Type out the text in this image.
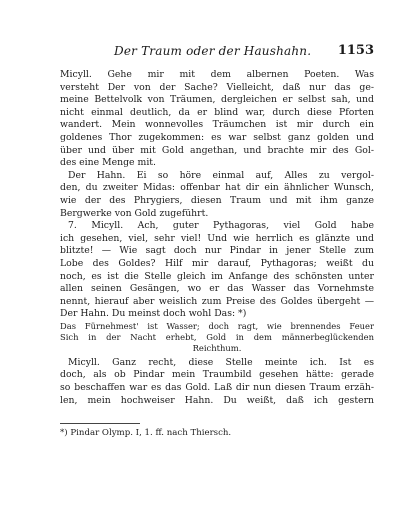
Der Traum oder der Haushahn. 1153
Micyll. Gehe mir mit dem albernen Poeten. Was
versteht Der von der Sache? Vielleicht, daß nur das ge-
meine Bettelvolk von Träumen, dergleichen er selbst sah, und
nicht einmal deutlich, da er blind war, durch diese Pforten
wandert. Mein wonnevolles Träumchen ist mir durch ein
goldenes Thor zugekommen: es war selbst ganz golden und
über und über mit Gold angethan, und brachte mir des Gol-
des eine Menge mit.
Der Hahn. Ei so höre einmal auf, Alles zu vergol-
den, du zweiter Midas: offenbar hat dir ein ähnlicher Wunsch,
wie der des Phrygiers, diesen Traum und mit ihm ganze
Bergwerke von Gold zugeführt.
7. Micyll. Ach, guter Pythagoras, viel Gold habe
ich gesehen, viel, sehr viel! Und wie herrlich es glänzte und
blitzte! — Wie sagt doch nur Pindar in jener Stelle zum
Lobe des Goldes? Hilf mir darauf, Pythagoras; weißt du
noch, es ist die Stelle gleich im Anfange des schönsten unter
allen seinen Gesängen, wo er das Wasser das Vornehmste
nennt, hierauf aber weislich zum Preise des Goldes übergeht —
Der Hahn. Du meinst doch wohl Das: *)
Das Fürnehmest' ist Wasser; doch ragt, wie brennendes Feuer
Sich in der Nacht erhebt, Gold in dem männerbeglückenden
Reichthum.
Micyll. Ganz recht, diese Stelle meinte ich. Ist es
doch, als ob Pindar mein Traumbild gesehen hätte: gerade
so beschaffen war es das Gold. Laß dir nun diesen Traum erzäh-
len, mein hochweiser Hahn. Du weißt, daß ich gestern
*) Pindar Olymp. I, 1. ff. nach Thiersch.
